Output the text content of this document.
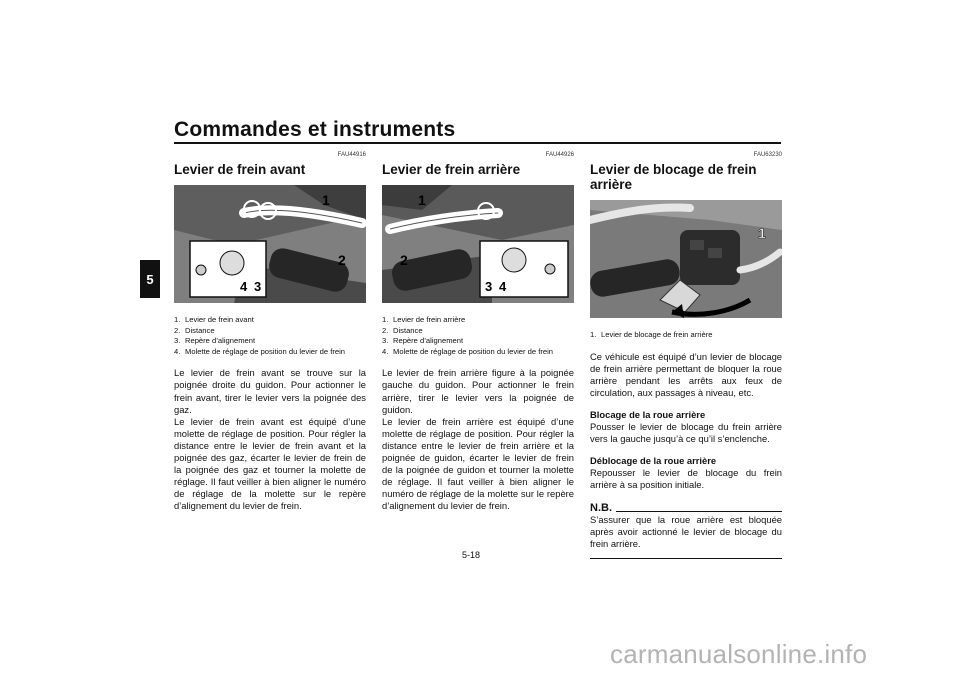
Commandes et instruments
5
FAU44916
Levier de frein avant
1
2
4 3
1. Levier de frein avant
2. Distance
3. Repère d’alignement
4. Molette de réglage de position du levier de frein

Le levier de frein avant se trouve sur la poignée droite du guidon. Pour actionner le frein avant, tirer le levier vers la poignée des gaz.

Le levier de frein avant est équipé d’une molette de réglage de position. Pour régler la distance entre le levier de frein avant et la poignée des gaz, écarter le levier de frein de la poignée des gaz et tourner la molette de réglage. Il faut veiller à bien aligner le numéro de réglage de la molette sur le repère d’alignement du levier de frein.

FAU44926
Levier de frein arrière
1
2
3 4
1. Levier de frein arrière
2. Distance
3. Repère d’alignement
4. Molette de réglage de position du levier de frein

Le levier de frein arrière figure à la poignée gauche du guidon. Pour actionner le frein arrière, tirer le levier vers la poignée de guidon.

Le levier de frein arrière est équipé d’une molette de réglage de position. Pour régler la distance entre le levier de frein arrière et la poignée de guidon, écarter le levier de frein de la poignée de guidon et tourner la molette de réglage. Il faut veiller à bien aligner le numéro de réglage de la molette sur le repère d’alignement du levier de frein.

FAU63230
Levier de blocage de frein arrière
1
1. Levier de blocage de frein arrière

Ce véhicule est équipé d’un levier de blocage de frein arrière permettant de bloquer la roue arrière pendant les arrêts aux feux de circulation, aux passages à niveau, etc.

Blocage de la roue arrière

Pousser le levier de blocage du frein arrière vers la gauche jusqu’à ce qu’il s’enclenche.

Déblocage de la roue arrière

Repousser le levier de blocage du frein arrière à sa position initiale.

N.B.

S’assurer que la roue arrière est bloquée après avoir actionné le levier de blocage du frein arrière.

5-18
carmanualsonline.info
